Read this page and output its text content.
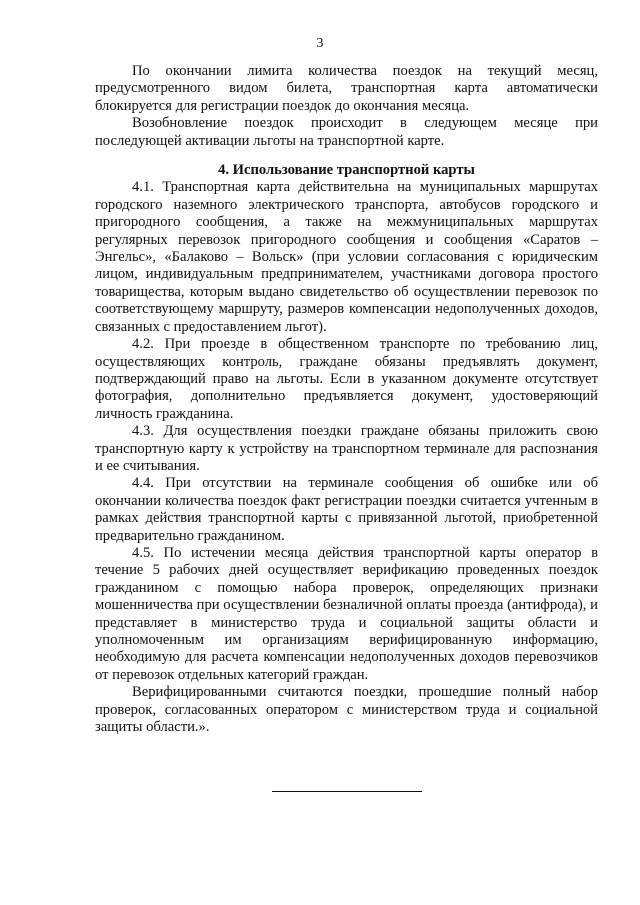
3

По окончании лимита количества поездок на текущий месяц, предусмотренного видом билета, транспортная карта автоматически блокируется для регистрации поездок до окончания месяца.

Возобновление поездок происходит в следующем месяце при последующей активации льготы на транспортной карте.

4. Использование транспортной карты

4.1. Транспортная карта действительна на муниципальных маршрутах городского наземного электрического транспорта, автобусов городского и пригородного сообщения, а также на межмуниципальных маршрутах регулярных перевозок пригородного сообщения и сообщения «Саратов – Энгельс», «Балаково – Вольск» (при условии согласования с юридическим лицом, индивидуальным предпринимателем, участниками договора простого товарищества, которым выдано свидетельство об осуществлении перевозок по соответствующему маршруту, размеров компенсации недополученных доходов, связанных с предоставлением льгот).

4.2. При проезде в общественном транспорте по требованию лиц, осуществляющих контроль, граждане обязаны предъявлять документ, подтверждающий право на льготы. Если в указанном документе отсутствует фотография, дополнительно предъявляется документ, удостоверяющий личность гражданина.

4.3. Для осуществления поездки граждане обязаны приложить свою транспортную карту к устройству на транспортном терминале для распознания и ее считывания.

4.4. При отсутствии на терминале сообщения об ошибке или об окончании количества поездок факт регистрации поездки считается учтенным в рамках действия транспортной карты с привязанной льготой, приобретенной предварительно гражданином.

4.5. По истечении месяца действия транспортной карты оператор в течение 5 рабочих дней осуществляет верификацию проведенных поездок гражданином с помощью набора проверок, определяющих признаки мошенничества при осуществлении безналичной оплаты проезда (антифрода), и представляет в министерство труда и социальной защиты области и уполномоченным им организациям верифицированную информацию, необходимую для расчета компенсации недополученных доходов перевозчиков от перевозок отдельных категорий граждан.

Верифицированными считаются поездки, прошедшие полный набор проверок, согласованных оператором с министерством труда и социальной защиты области.».
